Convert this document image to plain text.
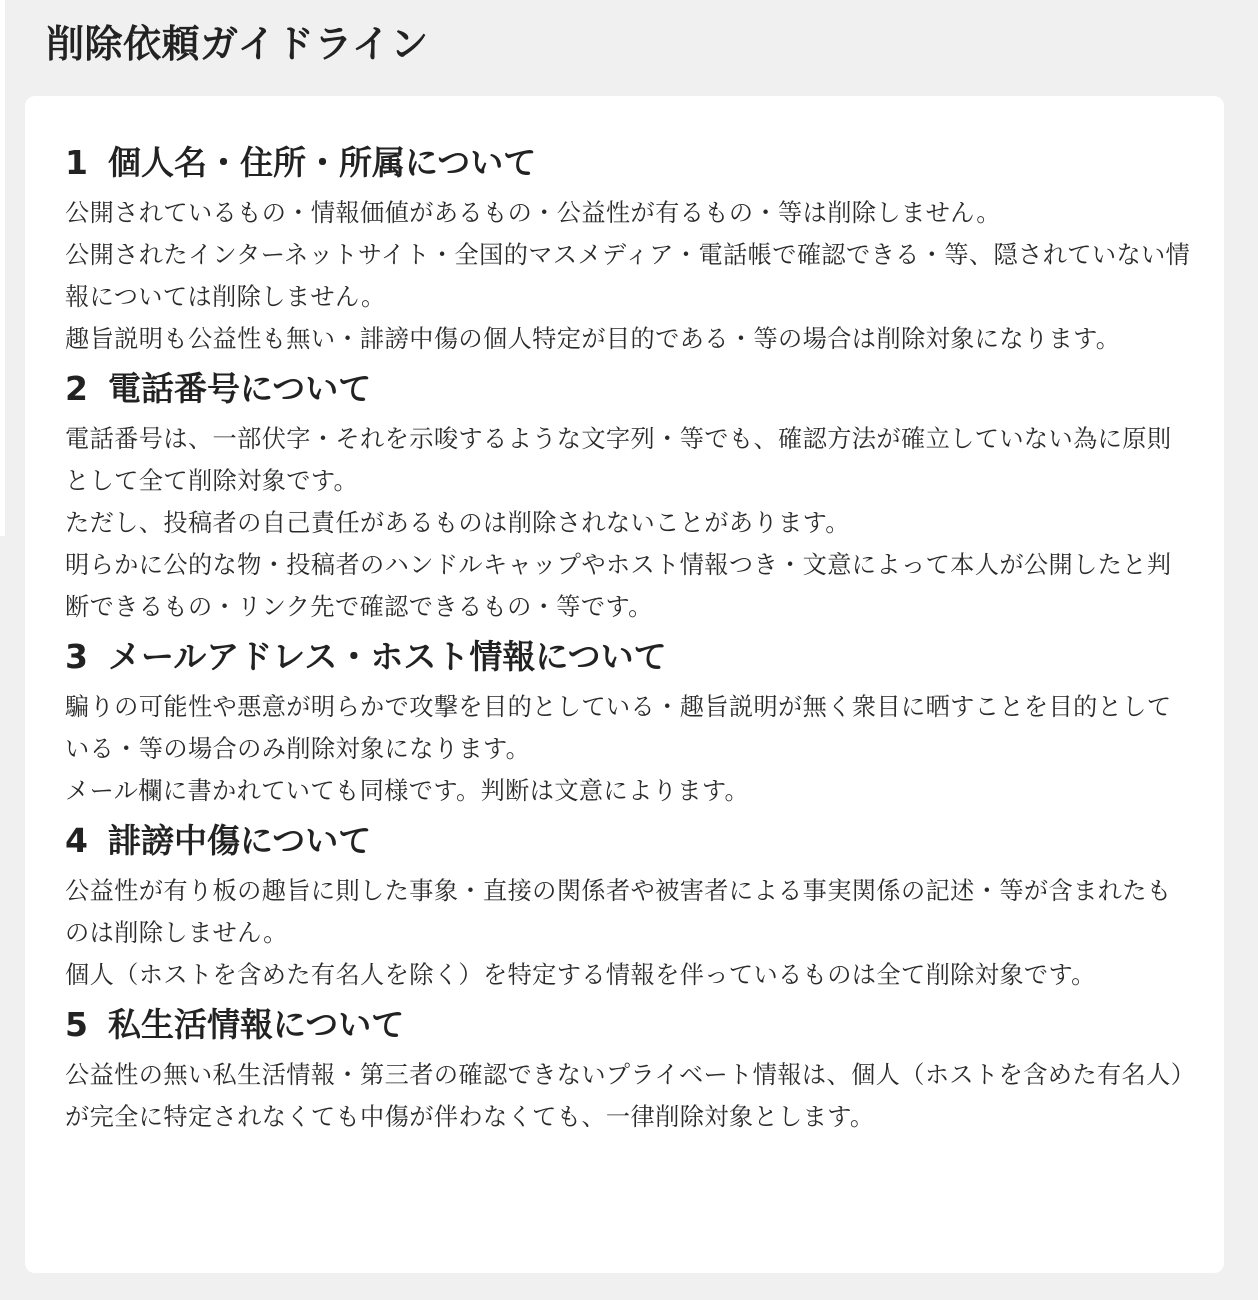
削除依頼ガイドライン
1 個人名・住所・所属について

公開されているもの・情報価値があるもの・公益性が有るもの・等は削除しません。

公開されたインターネットサイト・全国的マスメディア・電話帳で確認できる・等、隠されていない情報については削除しません。

趣旨説明も公益性も無い・誹謗中傷の個人特定が目的である・等の場合は削除対象になります。

2 電話番号について

電話番号は、一部伏字・それを示唆するような文字列・等でも、確認方法が確立していない為に原則として全て削除対象です。

ただし、投稿者の自己責任があるものは削除されないことがあります。

明らかに公的な物・投稿者のハンドルキャップやホスト情報つき・文意によって本人が公開したと判断できるもの・リンク先で確認できるもの・等です。

3 メールアドレス・ホスト情報について

騙りの可能性や悪意が明らかで攻撃を目的としている・趣旨説明が無く衆目に晒すことを目的としている・等の場合のみ削除対象になります。

メール欄に書かれていても同様です。判断は文意によります。

4 誹謗中傷について

公益性が有り板の趣旨に則した事象・直接の関係者や被害者による事実関係の記述・等が含まれたものは削除しません。

個人（ホストを含めた有名人を除く）を特定する情報を伴っているものは全て削除対象です。

5 私生活情報について

公益性の無い私生活情報・第三者の確認できないプライベート情報は、個人（ホストを含めた有名人）が完全に特定されなくても中傷が伴わなくても、一律削除対象とします。
